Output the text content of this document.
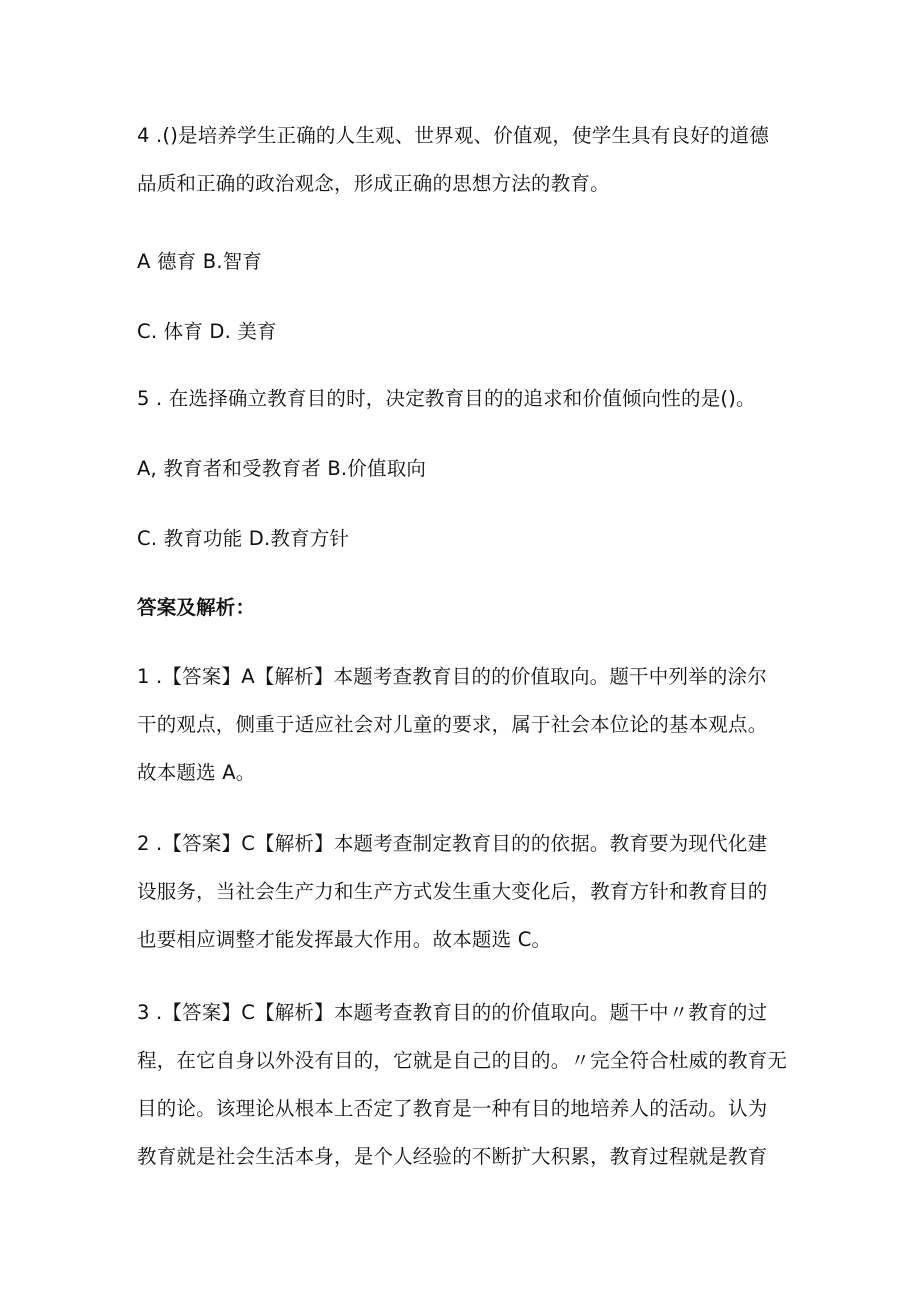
4 .()是培养学生正确的人生观、世界观、价值观，使学生具有良好的道德
品质和正确的政治观念，形成正确的思想方法的教育。
A 德育 B.智育
C. 体育 D. 美育
5 . 在选择确立教育目的时，决定教育目的的追求和价值倾向性的是()。
A, 教育者和受教育者 B.价值取向
C. 教育功能 D.教育方针
答案及解析：
1 .【答案】A【解析】本题考查教育目的的价值取向。题干中列举的涂尔
干的观点，侧重于适应社会对儿童的要求，属于社会本位论的基本观点。
故本题选 A。
2 .【答案】C【解析】本题考查制定教育目的的依据。教育要为现代化建
设服务，当社会生产力和生产方式发生重大变化后，教育方针和教育目的
也要相应调整才能发挥最大作用。故本题选 C。
3 .【答案】C【解析】本题考查教育目的的价值取向。题干中〃教育的过
程，在它自身以外没有目的，它就是自己的目的。〃完全符合杜威的教育无
目的论。该理论从根本上否定了教育是一种有目的地培养人的活动。认为
教育就是社会生活本身，是个人经验的不断扩大积累，教育过程就是教育
